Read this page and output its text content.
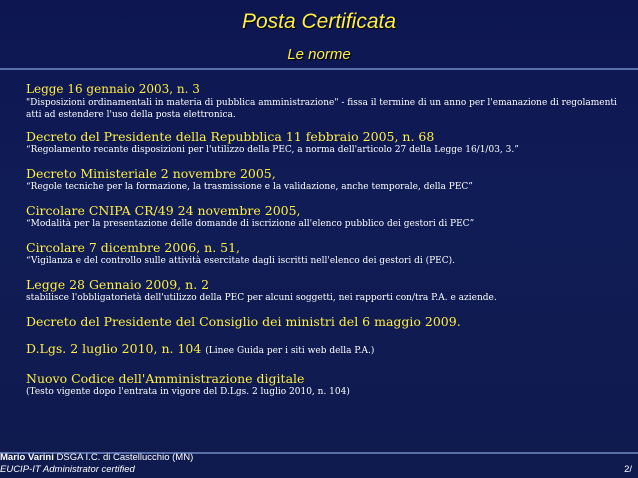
Posta Certificata
Le norme
Legge 16 gennaio 2003, n. 3
"Disposizioni ordinamentali in materia di pubblica amministrazione" - fissa il termine di un anno per l'emanazione di regolamenti atti ad estendere l'uso della posta elettronica.
Decreto del Presidente della Repubblica 11 febbraio 2005, n. 68
“Regolamento recante disposizioni per l'utilizzo della PEC, a norma dell'articolo 27 della Legge 16/1/03, 3.”
Decreto Ministeriale 2 novembre 2005,
“Regole tecniche per la formazione, la trasmissione e la validazione, anche temporale, della PEC”
Circolare CNIPA CR/49 24 novembre 2005,
“Modalità per la presentazione delle domande di iscrizione all'elenco pubblico dei gestori di PEC”
Circolare 7 dicembre 2006, n. 51,
“Vigilanza e del controllo sulle attività esercitate dagli iscritti nell'elenco dei gestori di (PEC).
Legge 28 Gennaio 2009, n. 2
stabilisce l'obbligatorietà dell'utilizzo della PEC per alcuni soggetti, nei rapporti con/tra P.A. e aziende.
Decreto del Presidente del Consiglio dei ministri del 6 maggio 2009.
D.Lgs. 2 luglio 2010, n. 104 (Linee Guida per i siti web della P.A.)
Nuovo Codice dell'Amministrazione digitale
(Testo vigente dopo l'entrata in vigore del D.Lgs. 2 luglio 2010, n. 104)
Mario Varini DSGA I.C. di Castellucchio (MN)
EUCIP-IT Administrator certified	2/
